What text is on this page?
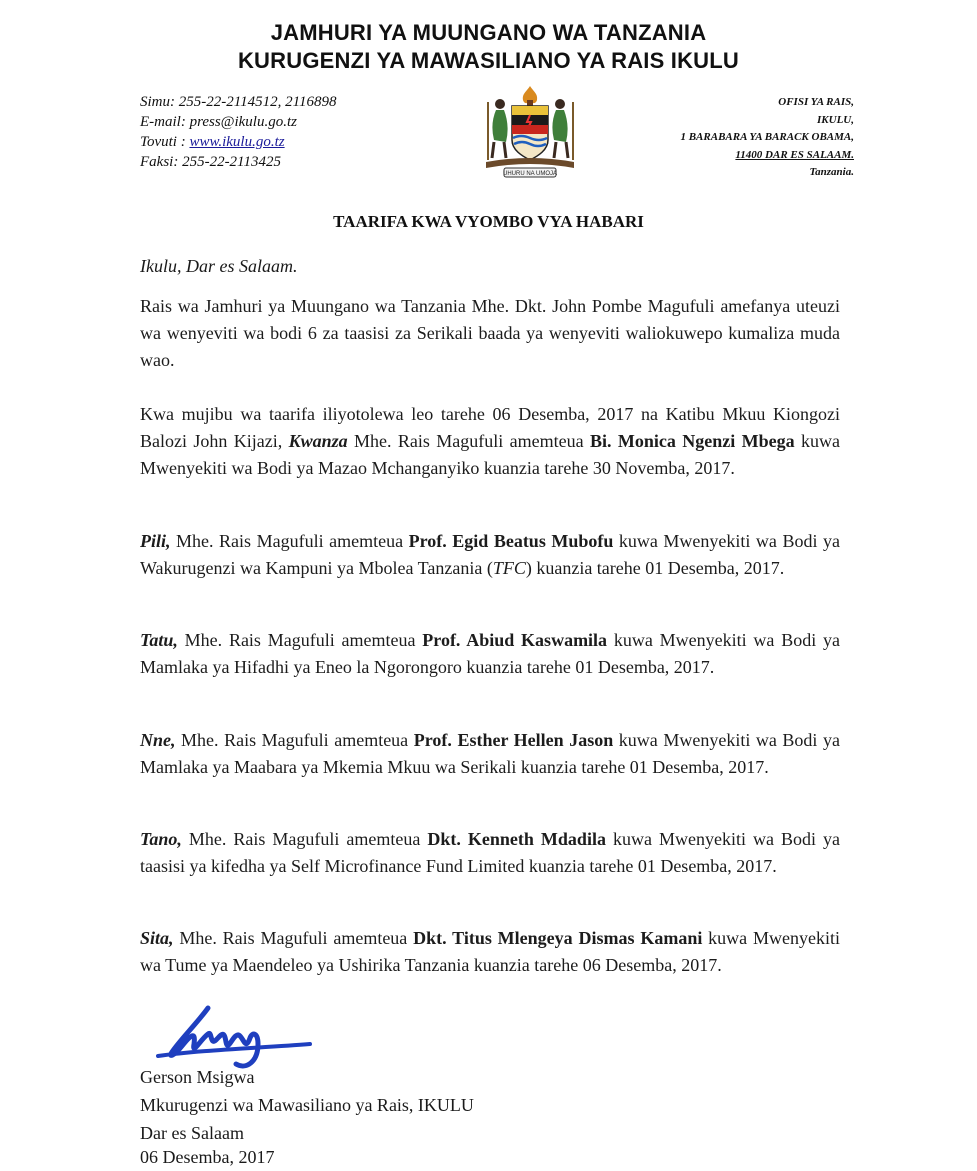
JAMHURI YA MUUNGANO WA TANZANIA
KURUGENZI YA MAWASILIANO YA RAIS IKULU
Simu: 255-22-2114512, 2116898
E-mail: press@ikulu.go.tz
Tovuti : www.ikulu.go.tz
Faksi: 255-22-2113425
UHURU NA UMOJA
OFISI YA RAIS,
IKULU,
1 BARABARA YA BARACK OBAMA,
11400 DAR ES SALAAM.
Tanzania.
TAARIFA KWA VYOMBO VYA HABARI
Ikulu, Dar es Salaam.
Rais wa Jamhuri ya Muungano wa Tanzania Mhe. Dkt. John Pombe Magufuli amefanya uteuzi wa wenyeviti wa bodi 6 za taasisi za Serikali baada ya wenyeviti waliokuwepo kumaliza muda wao.
Kwa mujibu wa taarifa iliyotolewa leo tarehe 06 Desemba, 2017 na Katibu Mkuu Kiongozi Balozi John Kijazi, Kwanza Mhe. Rais Magufuli amemteua Bi. Monica Ngenzi Mbega kuwa Mwenyekiti wa Bodi ya Mazao Mchanganyiko kuanzia tarehe 30 Novemba, 2017.
Pili, Mhe. Rais Magufuli amemteua Prof. Egid Beatus Mubofu kuwa Mwenyekiti wa Bodi ya Wakurugenzi wa Kampuni ya Mbolea Tanzania (TFC) kuanzia tarehe 01 Desemba, 2017.
Tatu, Mhe. Rais Magufuli amemteua Prof. Abiud Kaswamila kuwa Mwenyekiti wa Bodi ya Mamlaka ya Hifadhi ya Eneo la Ngorongoro kuanzia tarehe 01 Desemba, 2017.
Nne, Mhe. Rais Magufuli amemteua Prof. Esther Hellen Jason kuwa Mwenyekiti wa Bodi ya Mamlaka ya Maabara ya Mkemia Mkuu wa Serikali kuanzia tarehe 01 Desemba, 2017.
Tano, Mhe. Rais Magufuli amemteua Dkt. Kenneth Mdadila kuwa Mwenyekiti wa Bodi ya taasisi ya kifedha ya Self Microfinance Fund Limited kuanzia tarehe 01 Desemba, 2017.
Sita, Mhe. Rais Magufuli amemteua Dkt. Titus Mlengeya Dismas Kamani kuwa Mwenyekiti wa Tume ya Maendeleo ya Ushirika Tanzania kuanzia tarehe 06 Desemba, 2017.
Gerson Msigwa
Mkurugenzi wa Mawasiliano ya Rais, IKULU
Dar es Salaam
06 Desemba, 2017
